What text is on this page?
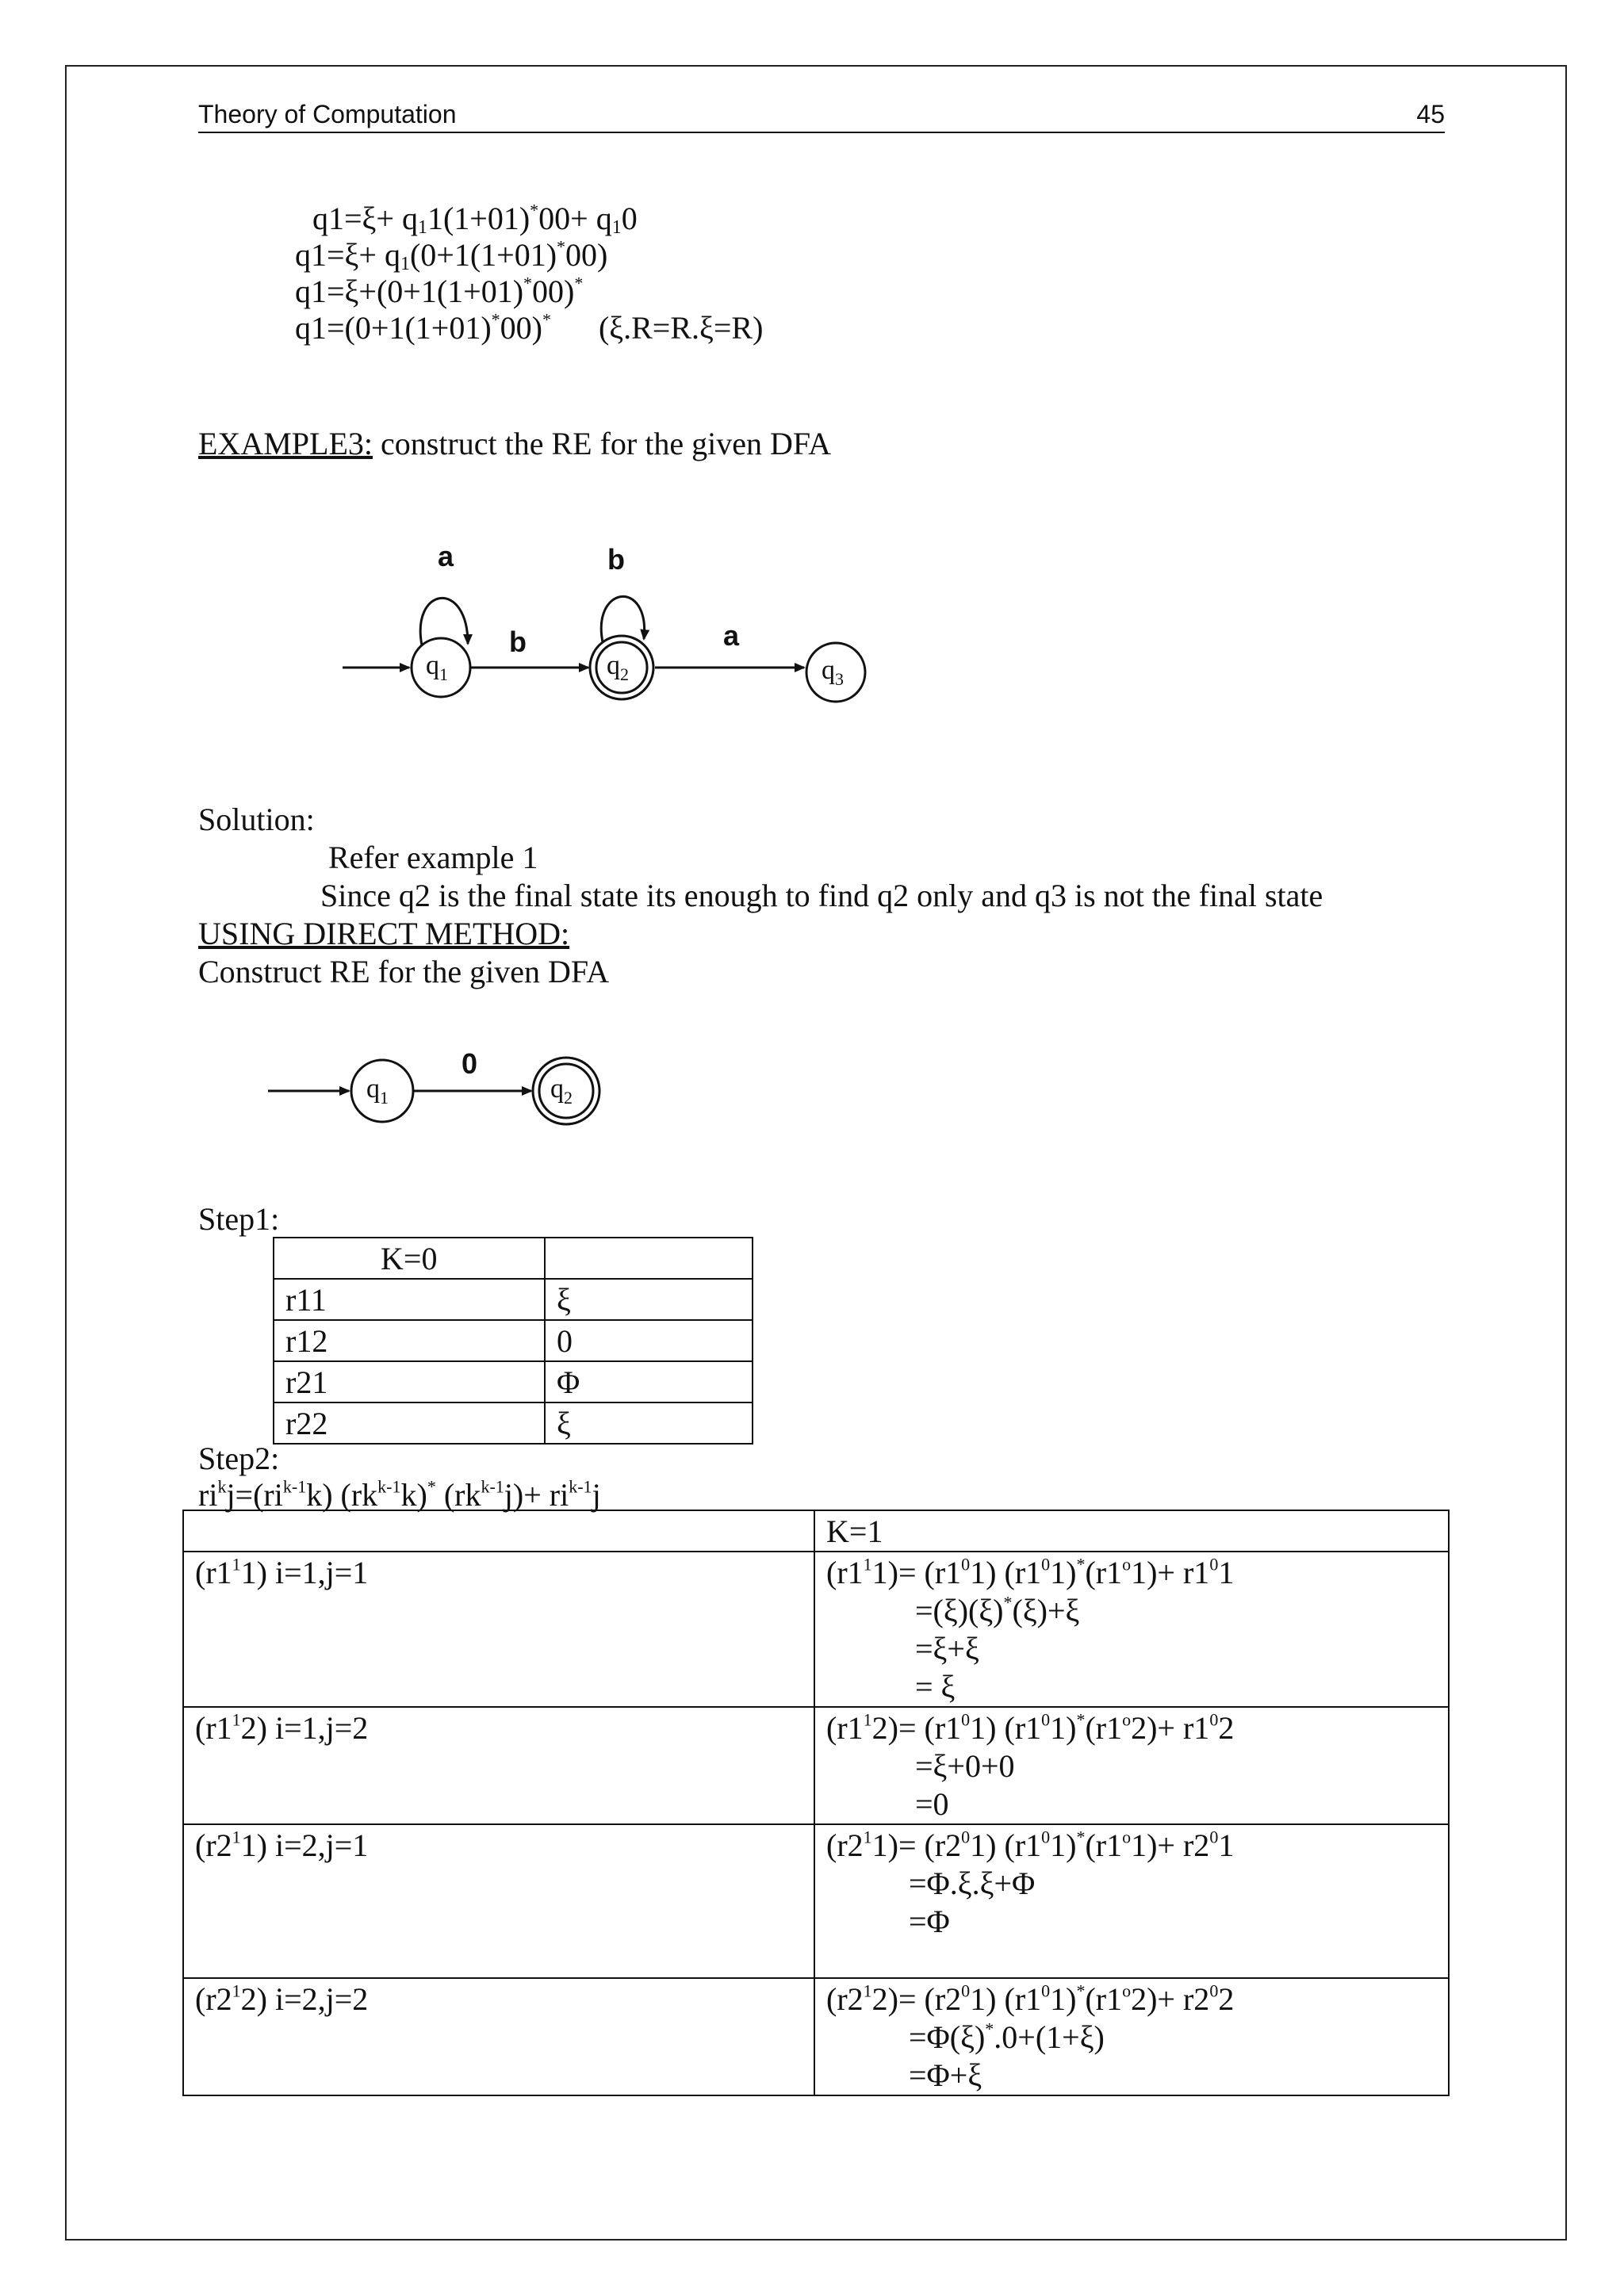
Theory of Computation	45
$q1=\xi+ q_11(1+01)^*00+ q_10$
$q1=\xi+ q_1(0+1(1+01)^*00)$
q1=ξ+(0+1(1+01)*00)*
q1=(0+1(1+01)*00)* (ξ.R=R.ξ=R)
EXAMPLE3: construct the RE for the given DFA
$q_1$
a
b
$q_2$
b
a
$q_3$
$q_1$
0
$q_2$
Solution:
Refer example 1
Since q2 is the final state its enough to find q2 only and q3 is not the final state
USING DIRECT METHOD:
Construct RE for the given DFA
Step1:
K=0	
r11	ξ
r12	0
r21	Φ
r22	ξ
Step2:
$ri^kj=(ri^{k-1}k)$ $(rk^{k-1}k)^*$ $(rk^{k-1}j)+ ri^{k-1}j$
	K=1
$(r1^11)$ i=1,j=1	$(r1^11)= (r1^01)$ $(r1^01)^*(r1^o1)+ r1^01$
=(ξ)(ξ)*(ξ)+ξ
=ξ+ξ
= ξ

$(r1^12)$ i=1,j=2	$(r1^12)= (r1^01)$ $(r1^01)^*(r1^o2)+ r1^02$
=ξ+0+0
=0

$(r2^11)$ i=2,j=1	$(r2^11)= (r2^01)$ $(r1^01)^*(r1^o1)+ r2^01$
=Φ.ξ.ξ+Φ
=Φ

$(r2^12)$ i=2,j=2	$(r2^12)= (r2^01)$ $(r1^01)^*(r1^o2)+ r2^02$
=Φ(ξ)*.0+(1+ξ)
=Φ+ξ
